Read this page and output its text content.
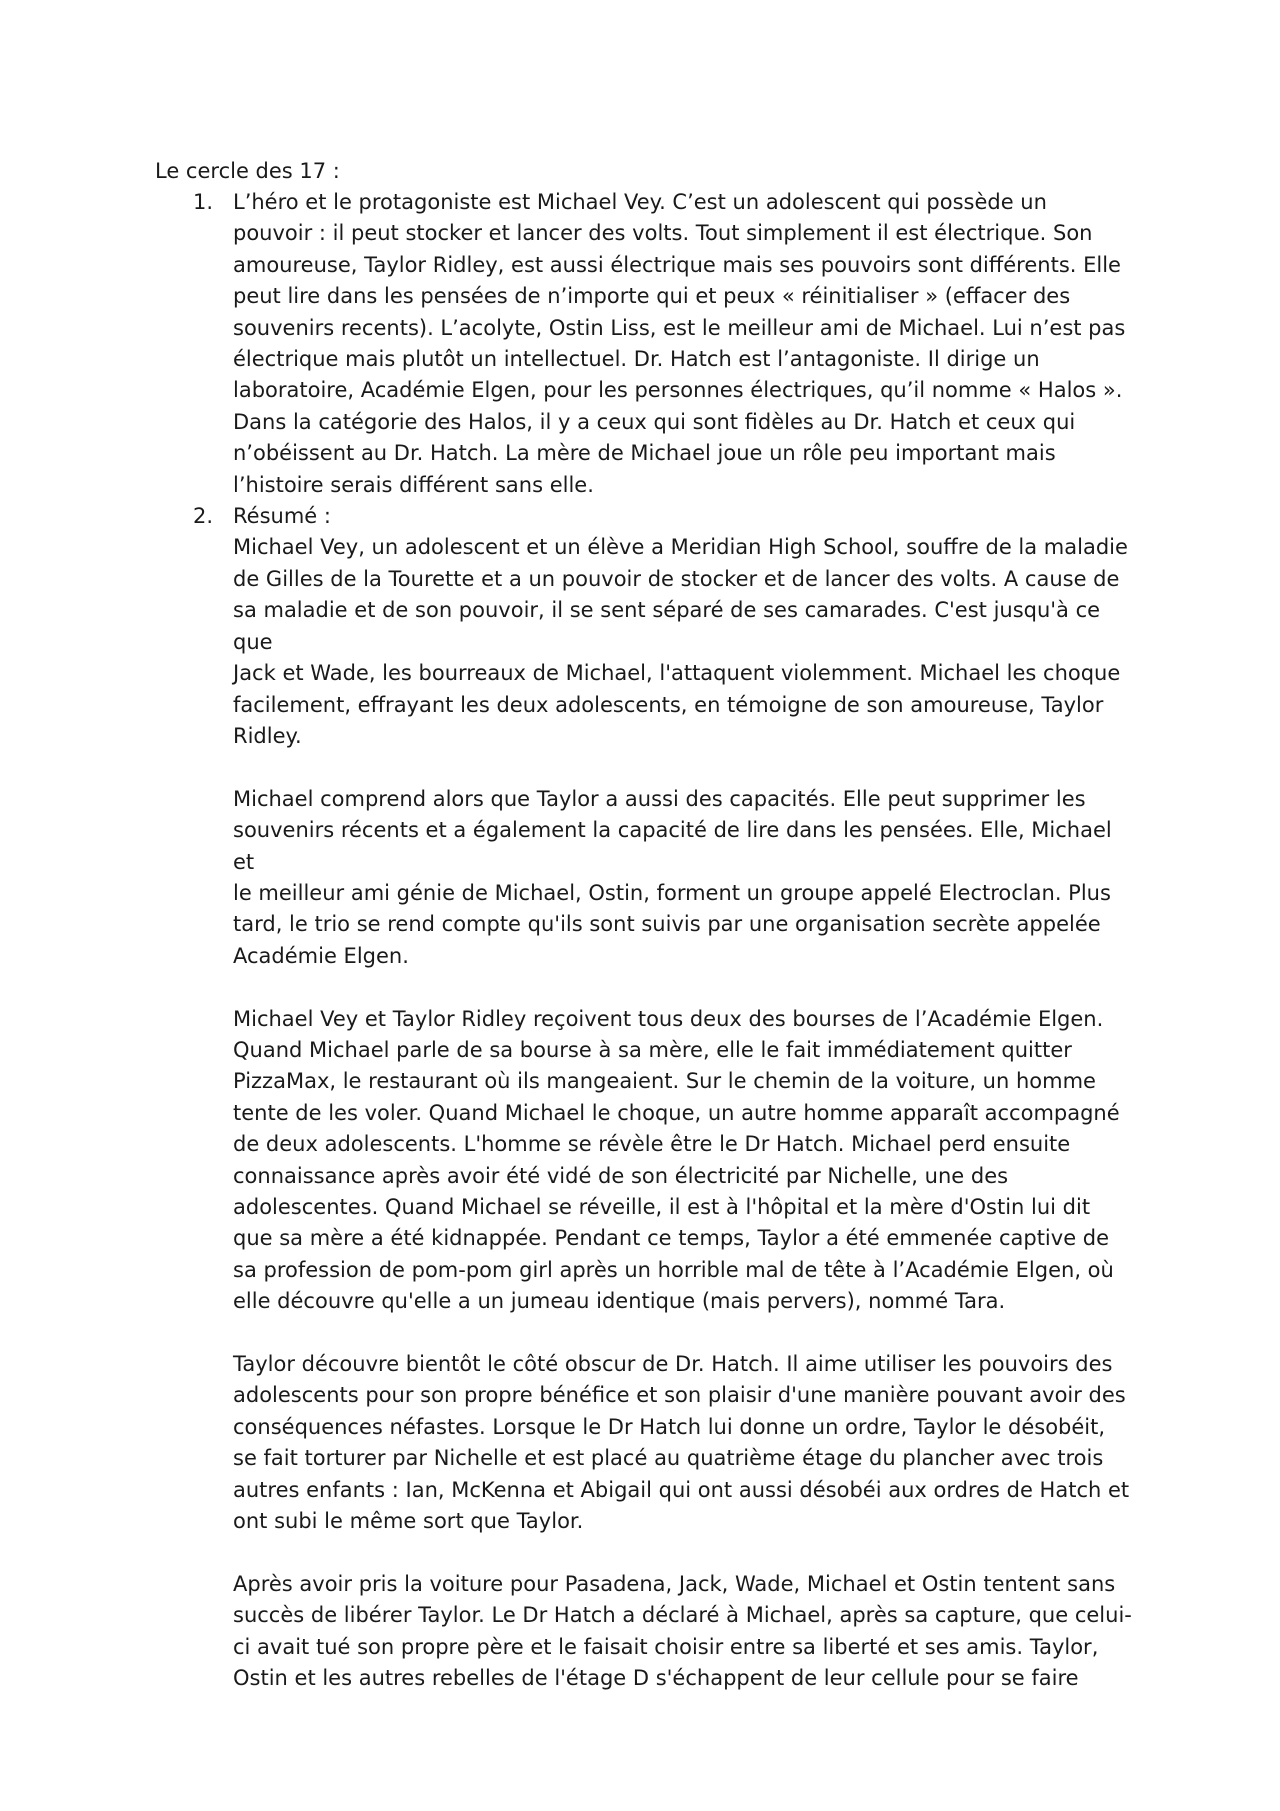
Le cercle des 17 :

1. L’héro et le protagoniste est Michael Vey. C’est un adolescent qui possède un
pouvoir : il peut stocker et lancer des volts. Tout simplement il est électrique. Son
amoureuse, Taylor Ridley, est aussi électrique mais ses pouvoirs sont différents. Elle
peut lire dans les pensées de n’importe qui et peux « réinitialiser » (effacer des
souvenirs recents). L’acolyte, Ostin Liss, est le meilleur ami de Michael. Lui n’est pas
électrique mais plutôt un intellectuel. Dr. Hatch est l’antagoniste. Il dirige un
laboratoire, Académie Elgen, pour les personnes électriques, qu’il nomme « Halos ».
Dans la catégorie des Halos, il y a ceux qui sont fidèles au Dr. Hatch et ceux qui
n’obéissent au Dr. Hatch. La mère de Michael joue un rôle peu important mais
l’histoire serais différent sans elle.

2. Résumé :

Michael Vey, un adolescent et un élève a Meridian High School, souffre de la maladie
de Gilles de la Tourette et a un pouvoir de stocker et de lancer des volts. A cause de
sa maladie et de son pouvoir, il se sent séparé de ses camarades. C'est jusqu'à ce que
Jack et Wade, les bourreaux de Michael, l'attaquent violemment. Michael les choque
facilement, effrayant les deux adolescents, en témoigne de son amoureuse, Taylor
Ridley.

Michael comprend alors que Taylor a aussi des capacités. Elle peut supprimer les
souvenirs récents et a également la capacité de lire dans les pensées. Elle, Michael et
le meilleur ami génie de Michael, Ostin, forment un groupe appelé Electroclan. Plus
tard, le trio se rend compte qu'ils sont suivis par une organisation secrète appelée
Académie Elgen.

Michael Vey et Taylor Ridley reçoivent tous deux des bourses de l’Académie Elgen.
Quand Michael parle de sa bourse à sa mère, elle le fait immédiatement quitter
PizzaMax, le restaurant où ils mangeaient. Sur le chemin de la voiture, un homme
tente de les voler. Quand Michael le choque, un autre homme apparaît accompagné
de deux adolescents. L'homme se révèle être le Dr Hatch. Michael perd ensuite
connaissance après avoir été vidé de son électricité par Nichelle, une des
adolescentes. Quand Michael se réveille, il est à l'hôpital et la mère d'Ostin lui dit
que sa mère a été kidnappée. Pendant ce temps, Taylor a été emmenée captive de
sa profession de pom-pom girl après un horrible mal de tête à l’Académie Elgen, où
elle découvre qu'elle a un jumeau identique (mais pervers), nommé Tara.

Taylor découvre bientôt le côté obscur de Dr. Hatch. Il aime utiliser les pouvoirs des
adolescents pour son propre bénéfice et son plaisir d'une manière pouvant avoir des
conséquences néfastes. Lorsque le Dr Hatch lui donne un ordre, Taylor le désobéit,
se fait torturer par Nichelle et est placé au quatrième étage du plancher avec trois
autres enfants : Ian, McKenna et Abigail qui ont aussi désobéi aux ordres de Hatch et
ont subi le même sort que Taylor.

Après avoir pris la voiture pour Pasadena, Jack, Wade, Michael et Ostin tentent sans
succès de libérer Taylor. Le Dr Hatch a déclaré à Michael, après sa capture, que celui-
ci avait tué son propre père et le faisait choisir entre sa liberté et ses amis. Taylor,
Ostin et les autres rebelles de l'étage D s'échappent de leur cellule pour se faire
